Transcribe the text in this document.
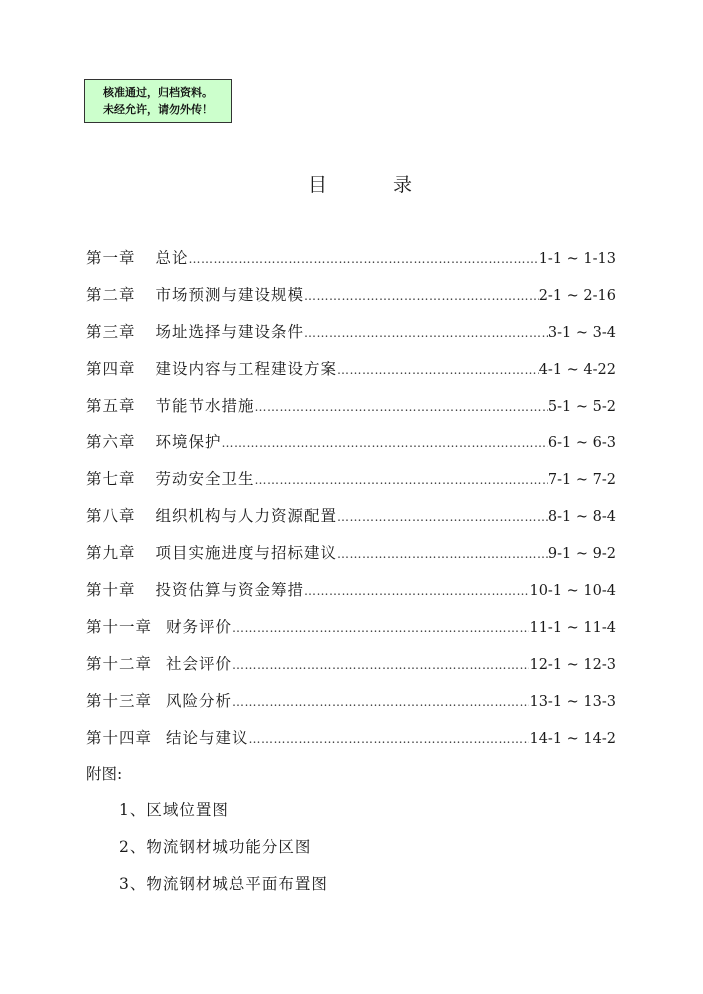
核准通过，归档资料。
未经允许，请勿外传！
目	录
第一章 总论 …………………………………………………………………………………………………………………………………………	1-1 ~ 1-13
第二章 市场预测与建设规模 …………………………………………………………………………………………………………………………………………	2-1 ~ 2-16
第三章 场址选择与建设条件 …………………………………………………………………………………………………………………………………………	3-1 ~ 3-4
第四章 建设内容与工程建设方案 …………………………………………………………………………………………………………………………………………	4-1 ~ 4-22
第五章 节能节水措施 …………………………………………………………………………………………………………………………………………	5-1 ~ 5-2
第六章 环境保护 …………………………………………………………………………………………………………………………………………	6-1 ~ 6-3
第七章 劳动安全卫生 …………………………………………………………………………………………………………………………………………	7-1 ~ 7-2
第八章 组织机构与人力资源配置 …………………………………………………………………………………………………………………………………………	8-1 ~ 8-4
第九章 项目实施进度与招标建议 …………………………………………………………………………………………………………………………………………	9-1 ~ 9-2
第十章 投资估算与资金筹措 …………………………………………………………………………………………………………………………………………	10-1 ~ 10-4
第十一章 财务评价 …………………………………………………………………………………………………………………………………………	11-1 ~ 11-4
第十二章 社会评价 …………………………………………………………………………………………………………………………………………	12-1 ~ 12-3
第十三章 风险分析 …………………………………………………………………………………………………………………………………………	13-1 ~ 13-3
第十四章 结论与建议 …………………………………………………………………………………………………………………………………………	14-1 ~ 14-2
附图:
1、区域位置图
2、物流钢材城功能分区图
3、物流钢材城总平面布置图
